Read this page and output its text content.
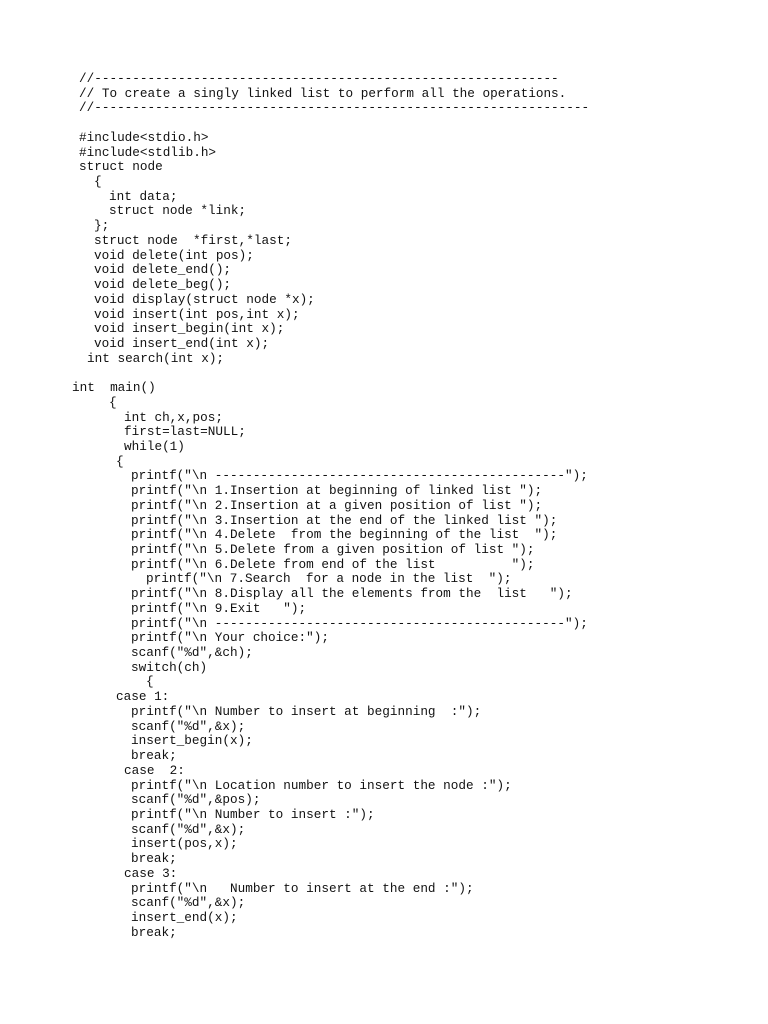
//-------------------------------------------------------------
// To create a singly linked list to perform all the operations.
//-----------------------------------------------------------------
#include<stdio.h>
#include<stdlib.h>
struct node
{
int data;
struct node *link;
};
struct node  *first,*last;
void delete(int pos);
void delete_end();
void delete_beg();
void display(struct node *x);
void insert(int pos,int x);
void insert_begin(int x);
void insert_end(int x);
int search(int x);
int  main()
{
int ch,x,pos;
first=last=NULL;
while(1)
{
printf("\n ----------------------------------------------");
printf("\n 1.Insertion at beginning of linked list ");
printf("\n 2.Insertion at a given position of list ");
printf("\n 3.Insertion at the end of the linked list ");
printf("\n 4.Delete  from the beginning of the list  ");
printf("\n 5.Delete from a given position of list ");
printf("\n 6.Delete from end of the list          ");
printf("\n 7.Search  for a node in the list  ");
printf("\n 8.Display all the elements from the  list   ");
printf("\n 9.Exit   ");
printf("\n ----------------------------------------------");
printf("\n Your choice:");
scanf("%d",&ch);
switch(ch)
{
case 1:
printf("\n Number to insert at beginning  :");
scanf("%d",&x);
insert_begin(x);
break;
case  2:
printf("\n Location number to insert the node :");
scanf("%d",&pos);
printf("\n Number to insert :");
scanf("%d",&x);
insert(pos,x);
break;
case 3:
printf("\n   Number to insert at the end :");
scanf("%d",&x);
insert_end(x);
break;
